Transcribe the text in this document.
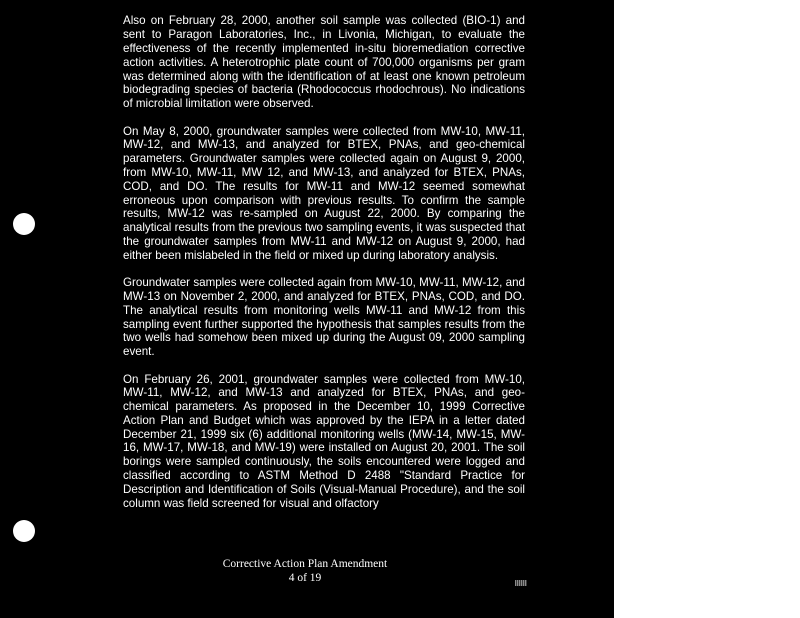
Also on February 28, 2000, another soil sample was collected (BIO-1) and sent to Paragon Laboratories, Inc., in Livonia, Michigan, to evaluate the effectiveness of the recently implemented in-situ bioremediation corrective action activities. A heterotrophic plate count of 700,000 organisms per gram was determined along with the identification of at least one known petroleum biodegrading species of bacteria (Rhodococcus rhodochrous). No indications of microbial limitation were observed.

On May 8, 2000, groundwater samples were collected from MW-10, MW-11, MW-12, and MW-13, and analyzed for BTEX, PNAs, and geo-chemical parameters. Groundwater samples were collected again on August 9, 2000, from MW-10, MW-11, MW 12, and MW-13, and analyzed for BTEX, PNAs, COD, and DO. The results for MW-11 and MW-12 seemed somewhat erroneous upon comparison with previous results. To confirm the sample results, MW-12 was re-sampled on August 22, 2000. By comparing the analytical results from the previous two sampling events, it was suspected that the groundwater samples from MW-11 and MW-12 on August 9, 2000, had either been mislabeled in the field or mixed up during laboratory analysis.

Groundwater samples were collected again from MW-10, MW-11, MW-12, and MW-13 on November 2, 2000, and analyzed for BTEX, PNAs, COD, and DO. The analytical results from monitoring wells MW-11 and MW-12 from this sampling event further supported the hypothesis that samples results from the two wells had somehow been mixed up during the August 09, 2000 sampling event.

On February 26, 2001, groundwater samples were collected from MW-10, MW-11, MW-12, and MW-13 and analyzed for BTEX, PNAs, and geo-chemical parameters. As proposed in the December 10, 1999 Corrective Action Plan and Budget which was approved by the IEPA in a letter dated December 21, 1999 six (6) additional monitoring wells (MW-14, MW-15, MW-16, MW-17, MW-18, and MW-19) were installed on August 20, 2001. The soil borings were sampled continuously, the soils encountered were logged and classified according to ASTM Method D 2488 "Standard Practice for Description and Identification of Soils (Visual-Manual Procedure), and the soil column was field screened for visual and olfactory

Corrective Action Plan Amendment
4 of 19
